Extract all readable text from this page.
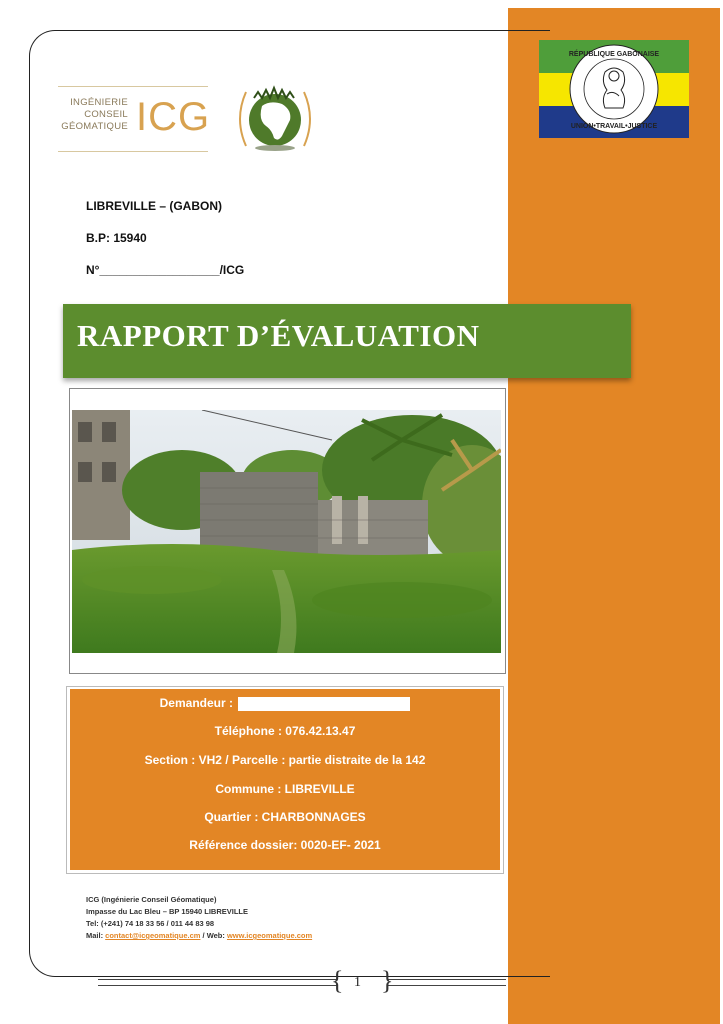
INGÉNIERIE
CONSEIL
GÉOMATIQUE ICG
RÉPUBLIQUE GABONAISE
UNION•TRAVAIL•JUSTICE
LIBREVILLE – (GABON)
B.P: 15940
N°__________________/ICG
RAPPORT D’ÉVALUATION
Demandeur :
Téléphone : 076.42.13.47
Section : VH2 / Parcelle : partie distraite de la 142
Commune : LIBREVILLE
Quartier : CHARBONNAGES
Référence dossier: 0020-EF- 2021
ICG (Ingénierie Conseil Géomatique)
Impasse du Lac Bleu – BP 15940 LIBREVILLE
Tel: (+241) 74 18 33 56 / 011 44 83 98
Mail: contact@icgeomatique.cm / Web: www.icgeomatique.com
{ 1 }
